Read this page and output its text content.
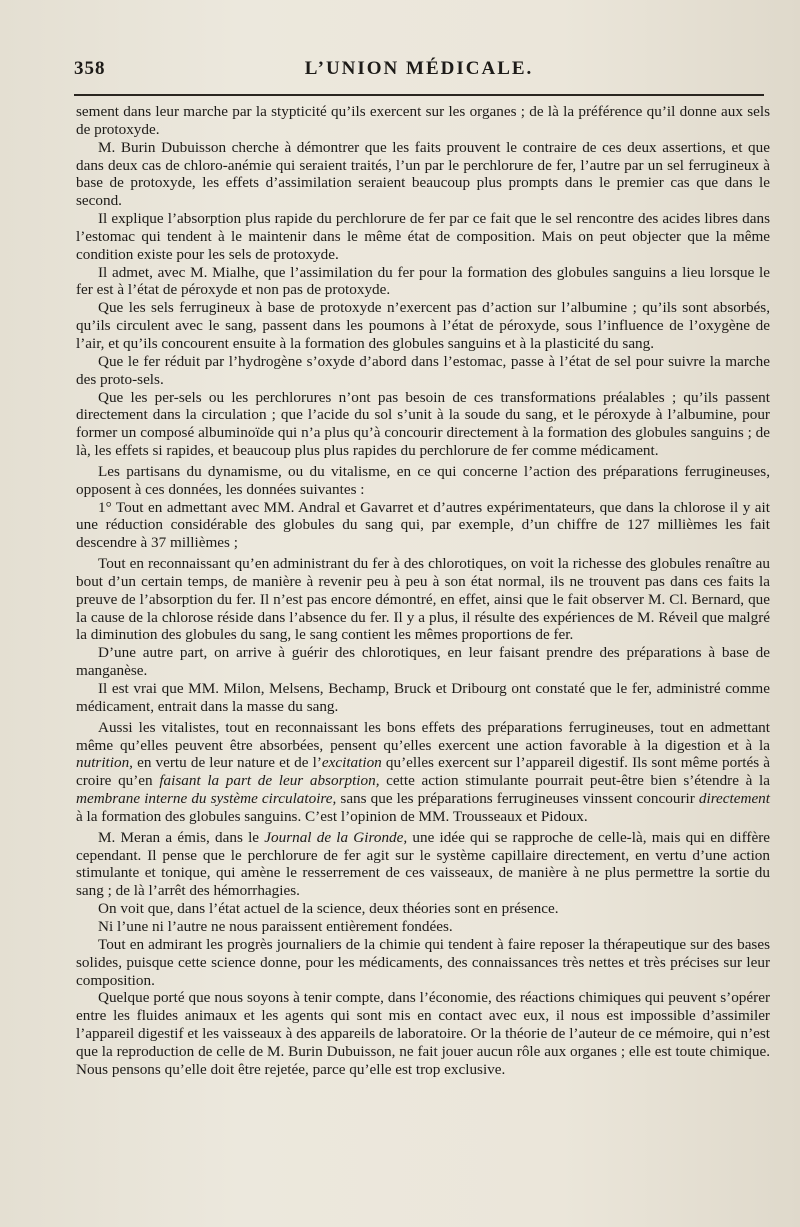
358	L’UNION MÉDICALE.

sement dans leur marche par la stypticité qu’ils exercent sur les organes ; de là la préférence qu’il donne aux sels de protoxyde.

M. Burin Dubuisson cherche à démontrer que les faits prouvent le contraire de ces deux assertions, et que dans deux cas de chloro-anémie qui seraient traités, l’un par le perchlorure de fer, l’autre par un sel ferrugineux à base de protoxyde, les effets d’assimilation seraient beaucoup plus prompts dans le premier cas que dans le second.

Il explique l’absorption plus rapide du perchlorure de fer par ce fait que le sel rencontre des acides libres dans l’estomac qui tendent à le maintenir dans le même état de composition. Mais on peut objecter que la même condition existe pour les sels de protoxyde.

Il admet, avec M. Mialhe, que l’assimilation du fer pour la formation des globules sanguins a lieu lorsque le fer est à l’état de péroxyde et non pas de protoxyde.

Que les sels ferrugineux à base de protoxyde n’exercent pas d’action sur l’albumine ; qu’ils sont absorbés, qu’ils circulent avec le sang, passent dans les poumons à l’état de péroxyde, sous l’influence de l’oxygène de l’air, et qu’ils concourent ensuite à la formation des globules sanguins et à la plasticité du sang.

Que le fer réduit par l’hydrogène s’oxyde d’abord dans l’estomac, passe à l’état de sel pour suivre la marche des proto-sels.

Que les per-sels ou les perchlorures n’ont pas besoin de ces transformations préalables ; qu’ils passent directement dans la circulation ; que l’acide du sol s’unit à la soude du sang, et le péroxyde à l’albumine, pour former un composé albuminoïde qui n’a plus qu’à concourir directement à la formation des globules sanguins ; de là, les effets si rapides, et beaucoup plus plus rapides du perchlorure de fer comme médicament.

Les partisans du dynamisme, ou du vitalisme, en ce qui concerne l’action des préparations ferrugineuses, opposent à ces données, les données suivantes :

1° Tout en admettant avec MM. Andral et Gavarret et d’autres expérimentateurs, que dans la chlorose il y ait une réduction considérable des globules du sang qui, par exemple, d’un chiffre de 127 millièmes les fait descendre à 37 millièmes ;

Tout en reconnaissant qu’en administrant du fer à des chlorotiques, on voit la richesse des globules renaître au bout d’un certain temps, de manière à revenir peu à peu à son état normal, ils ne trouvent pas dans ces faits la preuve de l’absorption du fer. Il n’est pas encore démontré, en effet, ainsi que le fait observer M. Cl. Bernard, que la cause de la chlorose réside dans l’absence du fer. Il y a plus, il résulte des expériences de M. Réveil que malgré la diminution des globules du sang, le sang contient les mêmes proportions de fer.

D’une autre part, on arrive à guérir des chlorotiques, en leur faisant prendre des préparations à base de manganèse.

Il est vrai que MM. Milon, Melsens, Bechamp, Bruck et Dribourg ont constaté que le fer, administré comme médicament, entrait dans la masse du sang.

Aussi les vitalistes, tout en reconnaissant les bons effets des préparations ferrugineuses, tout en admettant même qu’elles peuvent être absorbées, pensent qu’elles exercent une action favorable à la digestion et à la nutrition, en vertu de leur nature et de l’excitation qu’elles exercent sur l’appareil digestif. Ils sont même portés à croire qu’en faisant la part de leur absorption, cette action stimulante pourrait peut-être bien s’étendre à la membrane interne du système circulatoire, sans que les préparations ferrugineuses vinssent concourir directement à la formation des globules sanguins. C’est l’opinion de MM. Trousseaux et Pidoux.

M. Meran a émis, dans le Journal de la Gironde, une idée qui se rapproche de celle-là, mais qui en diffère cependant. Il pense que le perchlorure de fer agit sur le système capillaire directement, en vertu d’une action stimulante et tonique, qui amène le resserrement de ces vaisseaux, de manière à ne plus permettre la sortie du sang ; de là l’arrêt des hémorrhagies.

On voit que, dans l’état actuel de la science, deux théories sont en présence.

Ni l’une ni l’autre ne nous paraissent entièrement fondées.

Tout en admirant les progrès journaliers de la chimie qui tendent à faire reposer la thérapeutique sur des bases solides, puisque cette science donne, pour les médicaments, des connaissances très nettes et très précises sur leur composition.

Quelque porté que nous soyons à tenir compte, dans l’économie, des réactions chimiques qui peuvent s’opérer entre les fluides animaux et les agents qui sont mis en contact avec eux, il nous est impossible d’assimiler l’appareil digestif et les vaisseaux à des appareils de laboratoire. Or la théorie de l’auteur de ce mémoire, qui n’est que la reproduction de celle de M. Burin Dubuisson, ne fait jouer aucun rôle aux organes ; elle est toute chimique. Nous pensons qu’elle doit être rejetée, parce qu’elle est trop exclusive.
